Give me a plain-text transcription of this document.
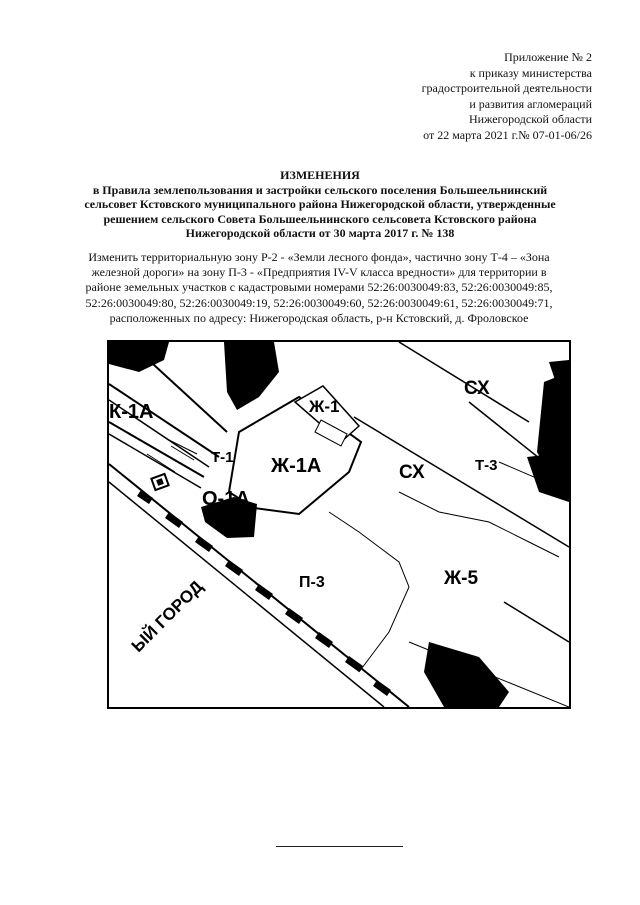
Приложение № 2
к приказу министерства
градостроительной деятельности
и развития агломераций
Нижегородской области
от 22 марта 2021 г.№ 07-01-06/26
ИЗМЕНЕНИЯ
в Правила землепользования и застройки сельского поселения Большеельнинский
сельсовет Кстовского муниципального района Нижегородской области, утвержденные
решением сельского Совета Большеельнинского сельсовета Кстовского района
Нижегородской области от 30 марта 2017 г. № 138
Изменить территориальную зону Р-2 - «Земли лесного фонда», частично зону Т-4 – «Зона
железной дороги» на зону П-3 - «Предприятия IV-V класса вредности» для территории в
районе земельных участков с кадастровыми номерами 52:26:0030049:83, 52:26:0030049:85,
52:26:0030049:80, 52:26:0030049:19, 52:26:0030049:60, 52:26:0030049:61, 52:26:0030049:71,
расположенных по адресу: Нижегородская область, р-н Кстовский, д. Фроловское
К-1А	Ж-1
СХ
Т-1 Ж-1А	СХ	Т-3
О-1А
П-3	Ж-5
ЫЙ ГОРОД
